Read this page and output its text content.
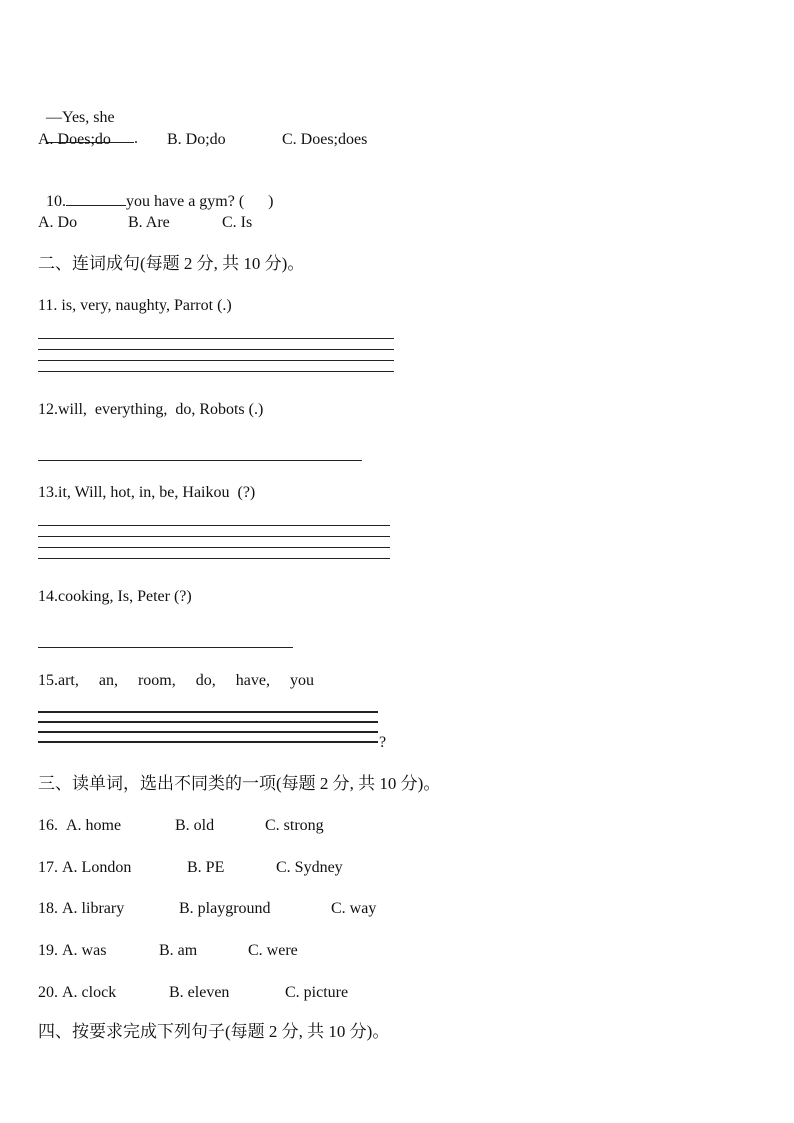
—Yes, she
.

A. Does;do	B. Do;do	C. Does;does

10.	you have a gym? (      )

A. Do	B. Are	C. Is
二、连词成句(每题 2 分, 共 10 分)。
11. is, very, naughty, Parrot (.)
12.will,  everything,  do, Robots (.)
13.it, Will, hot, in, be, Haikou  (?)
14.cooking, Is, Peter (?)
15.art,     an,     room,     do,     have,     you
?
三、读单词，选出不同类的一项(每题 2 分, 共 10 分)。
16. A. home	B. old	C. strong
17. A. London	B. PE	C. Sydney
18. A. library	B. playground	C. way
19. A. was	B. am	C. were
20. A. clock	B. eleven	C. picture
四、按要求完成下列句子(每题 2 分, 共 10 分)。
